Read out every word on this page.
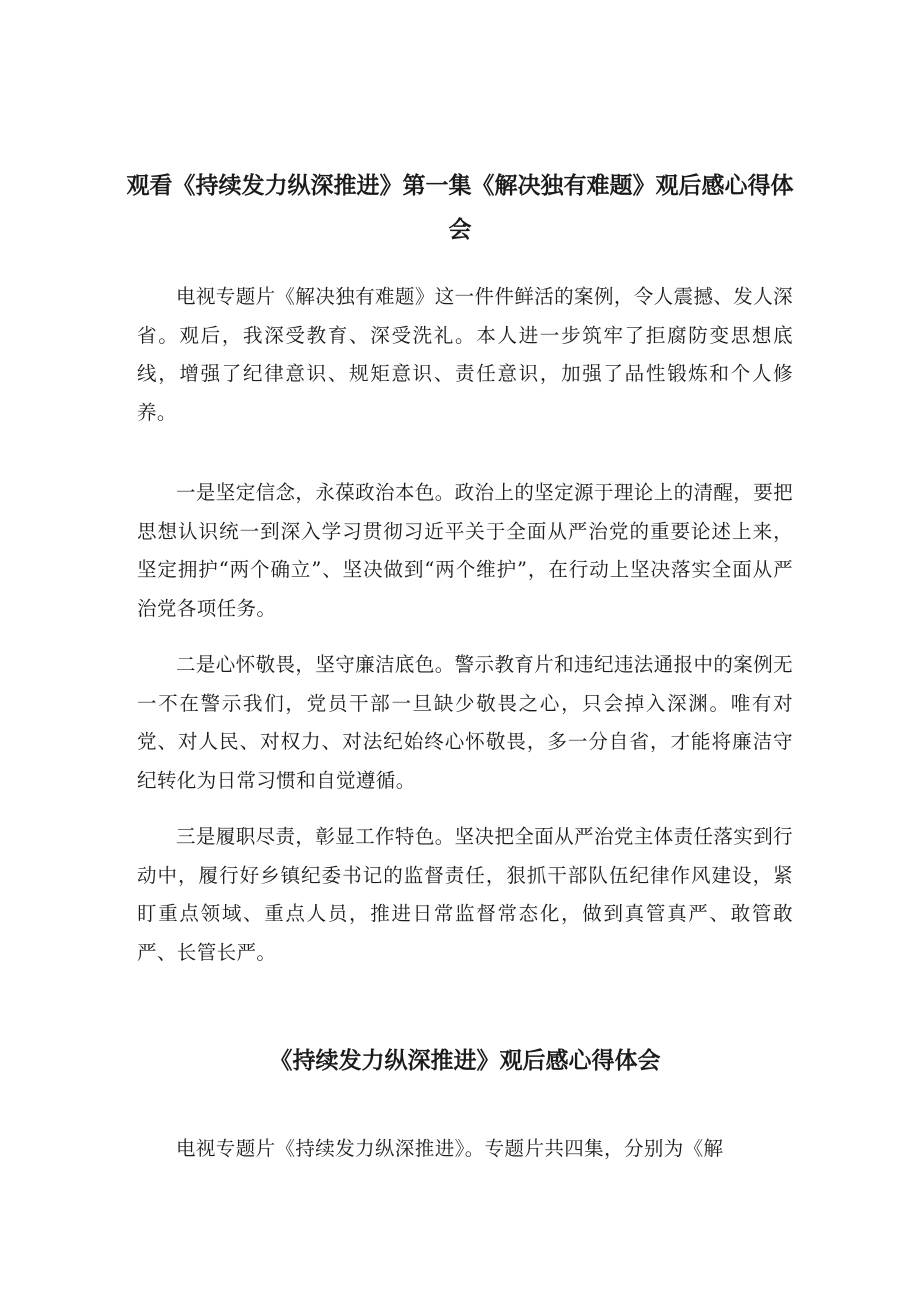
观看《持续发力纵深推进》第一集《解决独有难题》观后感心得体会

电视专题片《解决独有难题》这一件件鲜活的案例，令人震撼、发人深省。观后，我深受教育、深受洗礼。本人进一步筑牢了拒腐防变思想底线，增强了纪律意识、规矩意识、责任意识，加强了品性锻炼和个人修养。

一是坚定信念，永葆政治本色。政治上的坚定源于理论上的清醒，要把思想认识统一到深入学习贯彻习近平关于全面从严治党的重要论述上来，坚定拥护“两个确立”、坚决做到“两个维护”，在行动上坚决落实全面从严治党各项任务。

二是心怀敬畏，坚守廉洁底色。警示教育片和违纪违法通报中的案例无一不在警示我们，党员干部一旦缺少敬畏之心，只会掉入深渊。唯有对党、对人民、对权力、对法纪始终心怀敬畏，多一分自省，才能将廉洁守纪转化为日常习惯和自觉遵循。

三是履职尽责，彰显工作特色。坚决把全面从严治党主体责任落实到行动中，履行好乡镇纪委书记的监督责任，狠抓干部队伍纪律作风建设，紧盯重点领域、重点人员，推进日常监督常态化，做到真管真严、敢管敢严、长管长严。

《持续发力纵深推进》观后感心得体会

电视专题片《持续发力纵深推进》。专题片共四集，分别为《解
